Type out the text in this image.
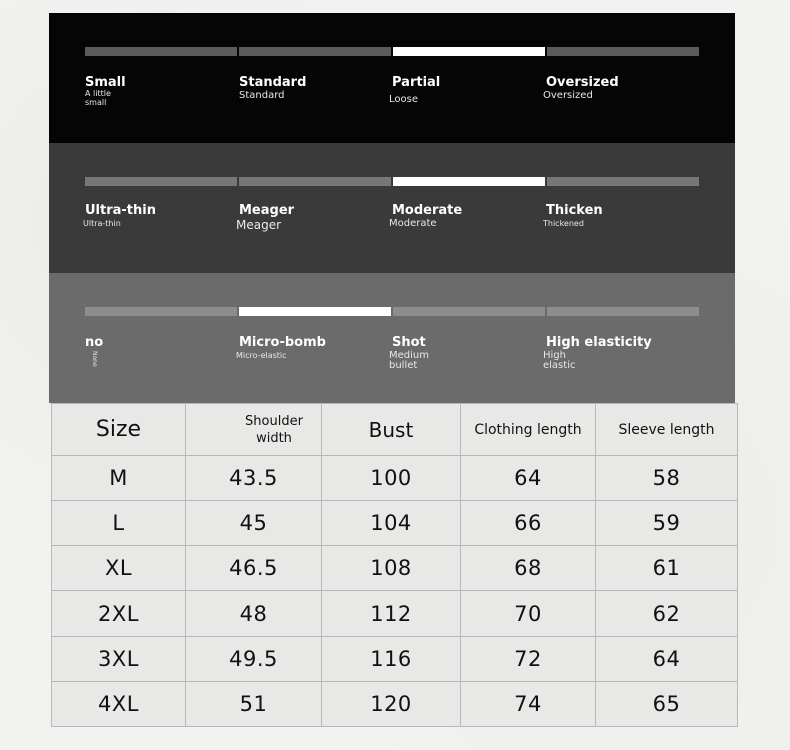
Small
A little small
Standard
Standard
Partial
Loose
Oversized
Oversized
Ultra-thin
Ultra-thin
Meager
Meager
Moderate
Moderate
Thicken
Thickened
no
None
Micro-bomb
Micro-elastic
Shot
Medium bullet
High elasticity
High elastic
Size	Shoulder width	Bust	Clothing length	Sleeve length
M	43.5	100	64	58
L	45	104	66	59
XL	46.5	108	68	61
2XL	48	112	70	62
3XL	49.5	116	72	64
4XL	51	120	74	65
